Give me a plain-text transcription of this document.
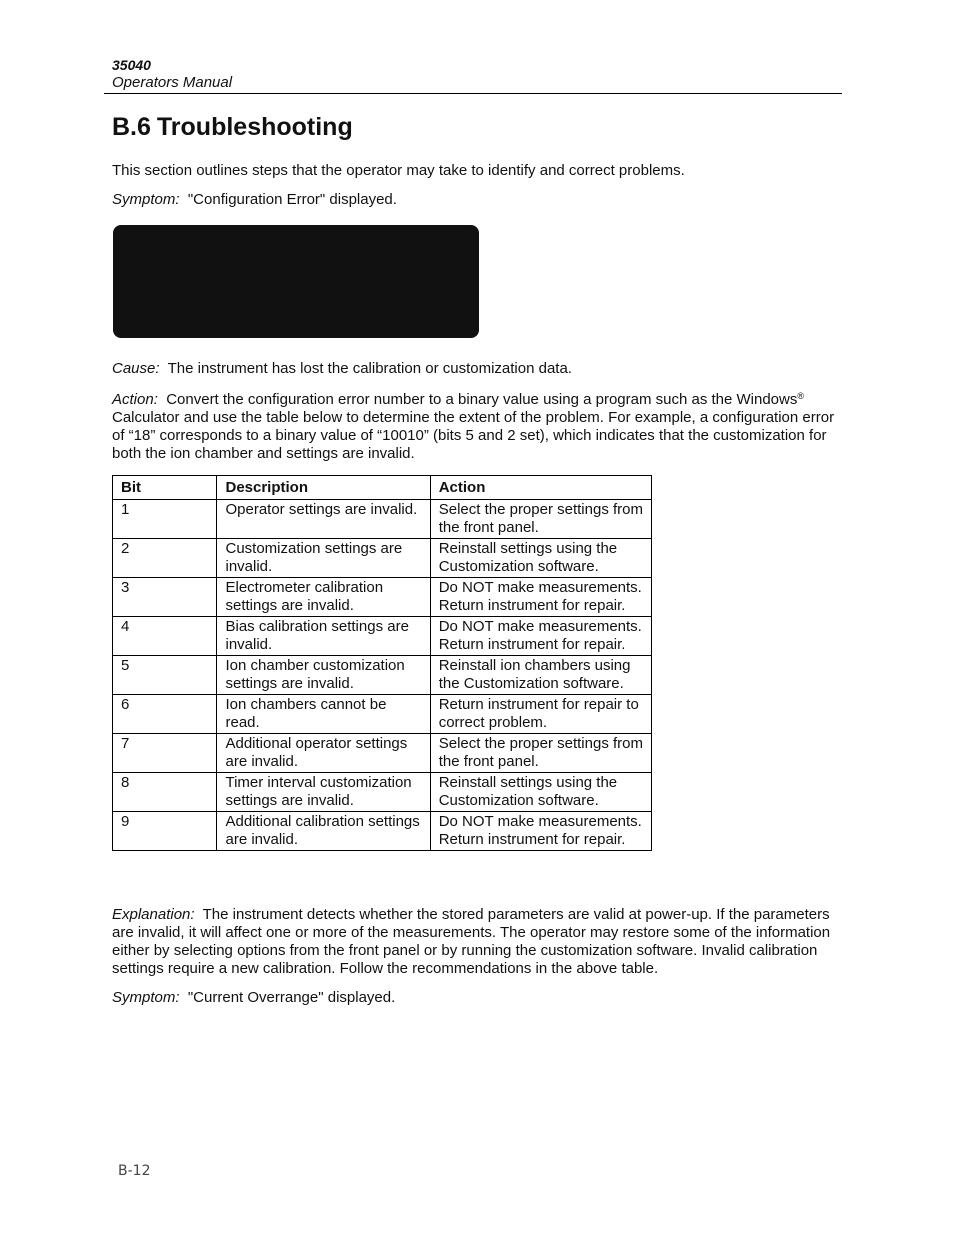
35040
Operators Manual
B.6 Troubleshooting

This section outlines steps that the operator may take to identify and correct problems.

Symptom: "Configuration Error" displayed.

Cause: The instrument has lost the calibration or customization data.

Action: Convert the configuration error number to a binary value using a program such as the Windows® Calculator and use the table below to determine the extent of the problem. For example, a configuration error of “18” corresponds to a binary value of “10010” (bits 5 and 2 set), which indicates that the customization for both the ion chamber and settings are invalid.

Bit	Description	Action
1	Operator settings are invalid.	Select the proper settings from the front panel.
2	Customization settings are invalid.	Reinstall settings using the Customization software.
3	Electrometer calibration settings are invalid.	Do NOT make measurements. Return instrument for repair.
4	Bias calibration settings are invalid.	Do NOT make measurements. Return instrument for repair.
5	Ion chamber customization settings are invalid.	Reinstall ion chambers using the Customization software.
6	Ion chambers cannot be read.	Return instrument for repair to correct problem.
7	Additional operator settings are invalid.	Select the proper settings from the front panel.
8	Timer interval customization settings are invalid.	Reinstall settings using the Customization software.
9	Additional calibration settings are invalid.	Do NOT make measurements. Return instrument for repair.

Explanation: The instrument detects whether the stored parameters are valid at power-up. If the parameters are invalid, it will affect one or more of the measurements. The operator may restore some of the information either by selecting options from the front panel or by running the customization software. Invalid calibration settings require a new calibration. Follow the recommendations in the above table.

Symptom: "Current Overrange" displayed.

B-12
